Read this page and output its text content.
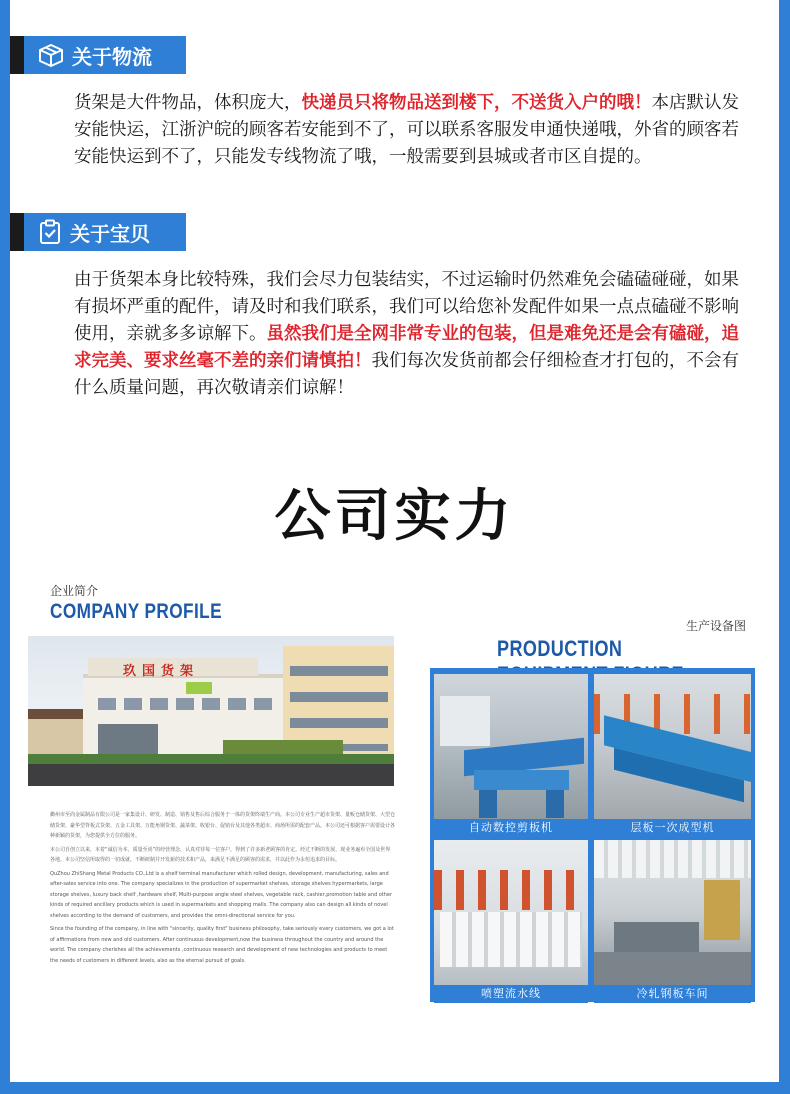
关于物流
货架是大件物品，体积庞大，快递员只将物品送到楼下，不送货入户的哦！本店默认发安能快运，江浙沪皖的顾客若安能到不了，可以联系客服发申通快递哦，外省的顾客若安能快运到不了，只能发专线物流了哦，一般需要到县城或者市区自提的。
关于宝贝
由于货架本身比较特殊，我们会尽力包装结实，不过运输时仍然难免会磕磕碰碰，如果有损坏严重的配件，请及时和我们联系，我们可以给您补发配件如果一点点磕碰不影响使用，亲就多多谅解下。虽然我们是全网非常专业的包装，但是难免还是会有磕碰，追求完美、要求丝毫不差的亲们请慎拍！我们每次发货前都会仔细检查才打包的，不会有什么质量问题，再次敬请亲们谅解！
公司实力
企业简介
COMPANY PROFILE
玖国货架

衢州市至尚金属制品有限公司是一家集设计、研发、制造、销售及售后综合服务于一体的货架终端生产商。本公司专业生产超市货架、量贩仓储货架、大型仓储货架、豪华型背板式货架、五金工具架、万能角钢货架、蔬菜架、收银台、促销台及其他各类超市、商场所需的配套产品。本公司还可根据客户需要设计各种新颖的货架，为您提供全方位的服务。

本公司自创立以来，本着“诚信为本，质量至尚”的经营理念，认真对待每一位客户，得到了许多新老顾客的肯定。经过不断的发展，现业务遍布全国及世界各地。本公司坚信所取得的一切成就，不断研制并开发新的技术和产品，来满足不满足的顾客的需求，并以此作为永恒追求的目标。

QuZhou ZhiShang Metal Products CO.,Ltd is a shelf terminal manufacturer which rolled design, development, manufacturing, sales and after-sales service into one. The company specializes in the production of supermarket shelves, storage shelves hypermarkets, large storage shelves, luxury back shelf ,hardware shelf, Multi-purpose angle steel shelves, vegetable rack, cashier,promotion table and other kinds of required ancillary products which is used in supermarkets and shopping malls. The company also can design all kinds of novel shelves according to the demand of customers, and provides the omni-directional service for you.

Since the founding of the company, in line with "sincerity, quality first" business philosophy, take seriously every customers, we got a lot of affirmations from new and old customers. After continuous development,now the business throughout the country and around the world. The company cherishes all the achievements ,continuous research and development of new technologies and products to meet the needs of customers in different levels, also as the eternal pursuit of goals.

生产设备图
PRODUCTION
自动数控剪板机	层板一次成型机
喷塑流水线	冷轧钢板车间
